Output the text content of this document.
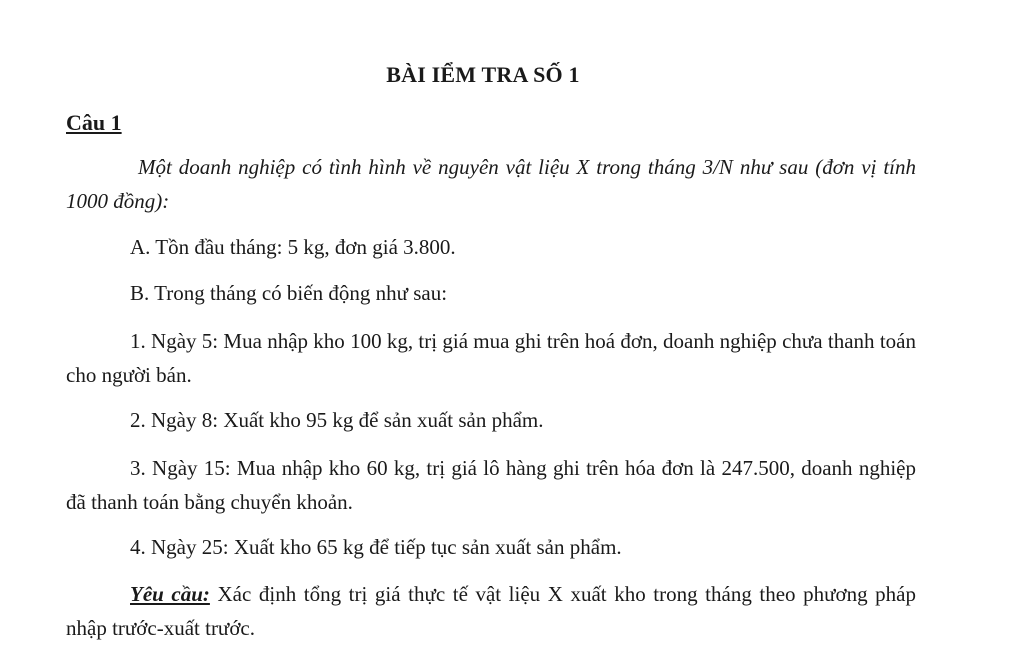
BÀI IỂM TRA SỐ 1
Câu 1
Một doanh nghiệp có tình hình về nguyên vật liệu X trong tháng 3/N như sau (đơn vị tính 1000 đồng):
A. Tồn đầu tháng: 5 kg, đơn giá 3.800.
B. Trong tháng có biến động như sau:
1. Ngày 5: Mua nhập kho 100 kg, trị giá mua ghi trên hoá đơn, doanh nghiệp chưa thanh toán cho người bán.
2. Ngày 8: Xuất kho 95 kg để sản xuất sản phẩm.
3. Ngày 15: Mua nhập kho 60 kg, trị giá lô hàng ghi trên hóa đơn là 247.500, doanh nghiệp đã thanh toán bằng chuyển khoản.
4. Ngày 25: Xuất kho 65 kg để tiếp tục sản xuất sản phẩm.
Yêu cầu: Xác định tổng trị giá thực tế vật liệu X xuất kho trong tháng theo phương pháp nhập trước-xuất trước.
